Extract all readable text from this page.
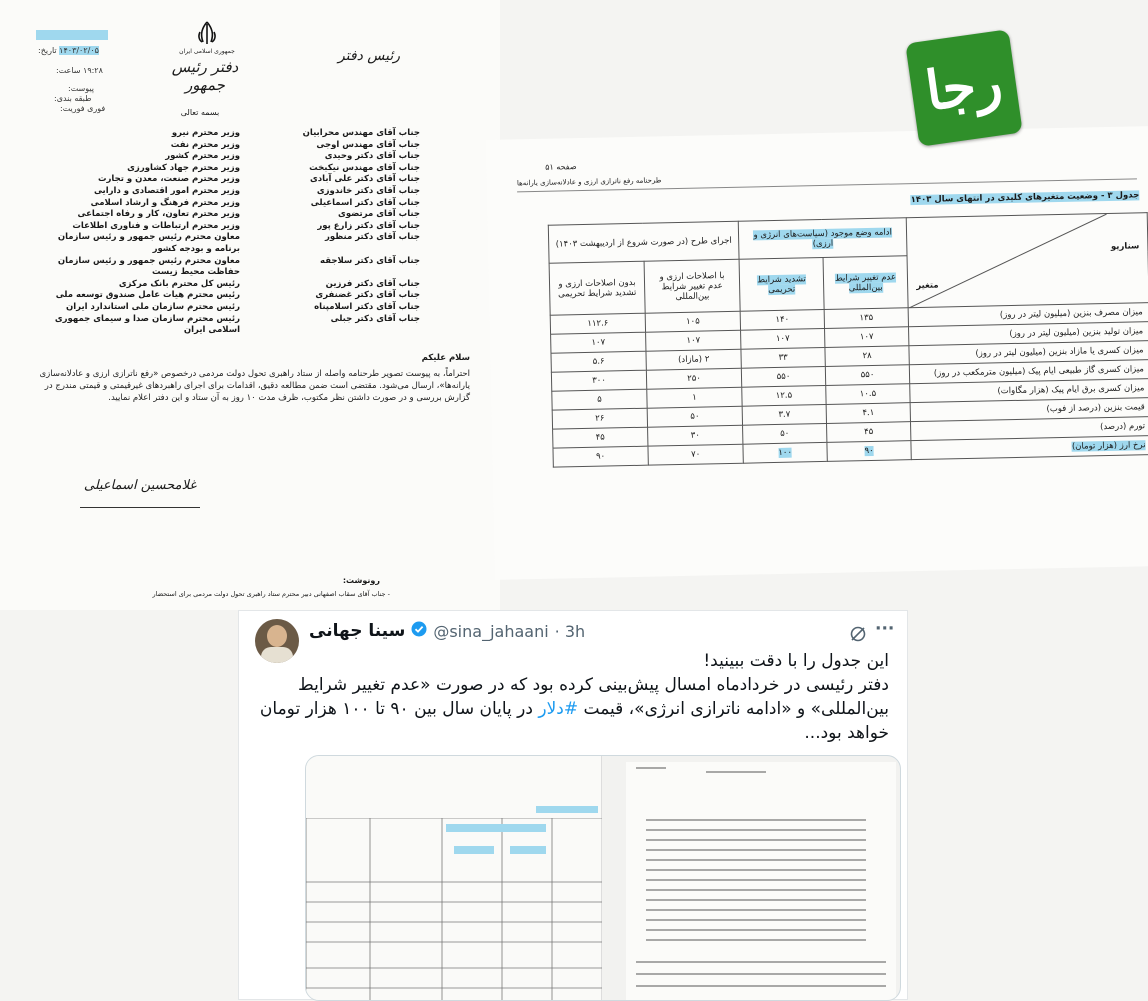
۱۴۰۳/۰۲/۰۵ تاریخ:
۱۹:۲۸ ساعت:
پیوست:
طبقه بندی:
فوری فوریت:
جمهوری اسلامی ایران
دفتر رئیس جمهور
رئیس دفتر
بسمه تعالی
جناب آقای مهندس محرابیان
وزیر محترم نیرو
جناب آقای مهندس اوجی
وزیر محترم نفت
جناب آقای دکتر وحیدی
وزیر محترم کشور
جناب آقای مهندس نیکبخت
وزیر محترم جهاد کشاورزی
جناب آقای دکتر علی آبادی
وزیر محترم صنعت، معدن و تجارت
جناب آقای دکتر خاندوزی
وزیر محترم امور اقتصادی و دارایی
جناب آقای دکتر اسماعیلی
وزیر محترم فرهنگ و ارشاد اسلامی
جناب آقای مرتضوی
وزیر محترم تعاون، کار و رفاه اجتماعی
جناب آقای دکتر زارع پور
وزیر محترم ارتباطات و فناوری اطلاعات
جناب آقای دکتر منظور
معاون محترم رئیس جمهور و رئیس سازمان برنامه و بودجه کشور
جناب آقای دکتر سلاجقه
معاون محترم رئیس جمهور و رئیس سازمان حفاظت محیط زیست
جناب آقای دکتر فرزین
رئیس کل محترم بانک مرکزی
جناب آقای دکتر غضنفری
رئیس محترم هیات عامل صندوق توسعه ملی
جناب آقای دکتر اسلامپناه
رئیس محترم سازمان ملی استاندارد ایران
جناب آقای دکتر جبلی
رئیس محترم سازمان صدا و سیمای جمهوری اسلامی ایران
سلام علیکم
احتراماً، به پیوست تصویر طرحنامه واصله از ستاد راهبری تحول دولت مردمی درخصوص «رفع ناترازی ارزی و عادلانه‌سازی یارانه‌ها»، ارسال می‌شود. مقتضی است ضمن مطالعه دقیق، اقدامات برای اجرای راهبردهای غیرقیمتی و قیمتی مندرج در گزارش بررسی و در صورت داشتن نظر مکتوب، ظرف مدت ۱۰ روز به آن ستاد و این دفتر اعلام نمایید.
غلامحسین اسماعیلی
رونوشت:
- جناب آقای سقاب اصفهانی دبیر محترم ستاد راهبری تحول دولت مردمی برای استحضار
صفحه ۵۱
طرحنامه رفع ناترازی ارزی و عادلانه‌سازی یارانه‌ها
جدول ۳ - وضعیت متغیرهای کلیدی در انتهای سال ۱۴۰۳
سناریو
متغیر	ادامه وضع موجود (سیاست‌های انرژی و ارزی)		اجرای طرح (در صورت شروع از اردیبهشت ۱۴۰۳)	
	عدم تغییر شرایط بین‌المللی	تشدید شرایط تحریمی	با اصلاحات ارزی و عدم تغییر شرایط بین‌المللی	بدون اصلاحات ارزی و تشدید شرایط تحریمی
میزان مصرف بنزین (میلیون لیتر در روز)	۱۳۵	۱۴۰	۱۰۵	۱۱۲.۶
میزان تولید بنزین (میلیون لیتر در روز)	۱۰۷	۱۰۷	۱۰۷	۱۰۷
میزان کسری یا مازاد بنزین (میلیون لیتر در روز)	۲۸	۳۳	۲ (مازاد)	۵.۶
میزان کسری گاز طبیعی ایام پیک (میلیون مترمکعب در روز)	۵۵۰	۵۵۰	۲۵۰	۳۰۰
میزان کسری برق ایام پیک (هزار مگاوات)	۱۰.۵	۱۲.۵	۱	۵
قیمت بنزین (درصد از فوب)	۴.۱	۳.۷	۵۰	۲۶
تورم (درصد)	۴۵	۵۰	۳۰	۴۵
نرخ ارز (هزار تومان)	۹۰	۱۰۰	۷۰	۹۰
رجا
سینا جهانی @sina_jahaani · 3h	···
این جدول را با دقت ببینید!
دفتر رئیسی در خردادماه امسال پیش‌بینی کرده بود که در صورت «عدم تغییر شرایط بین‌المللی» و «ادامه ناترازی انرژی»، قیمت #دلار در پایان سال بین ۹۰ تا ۱۰۰ هزار تومان خواهد بود...
